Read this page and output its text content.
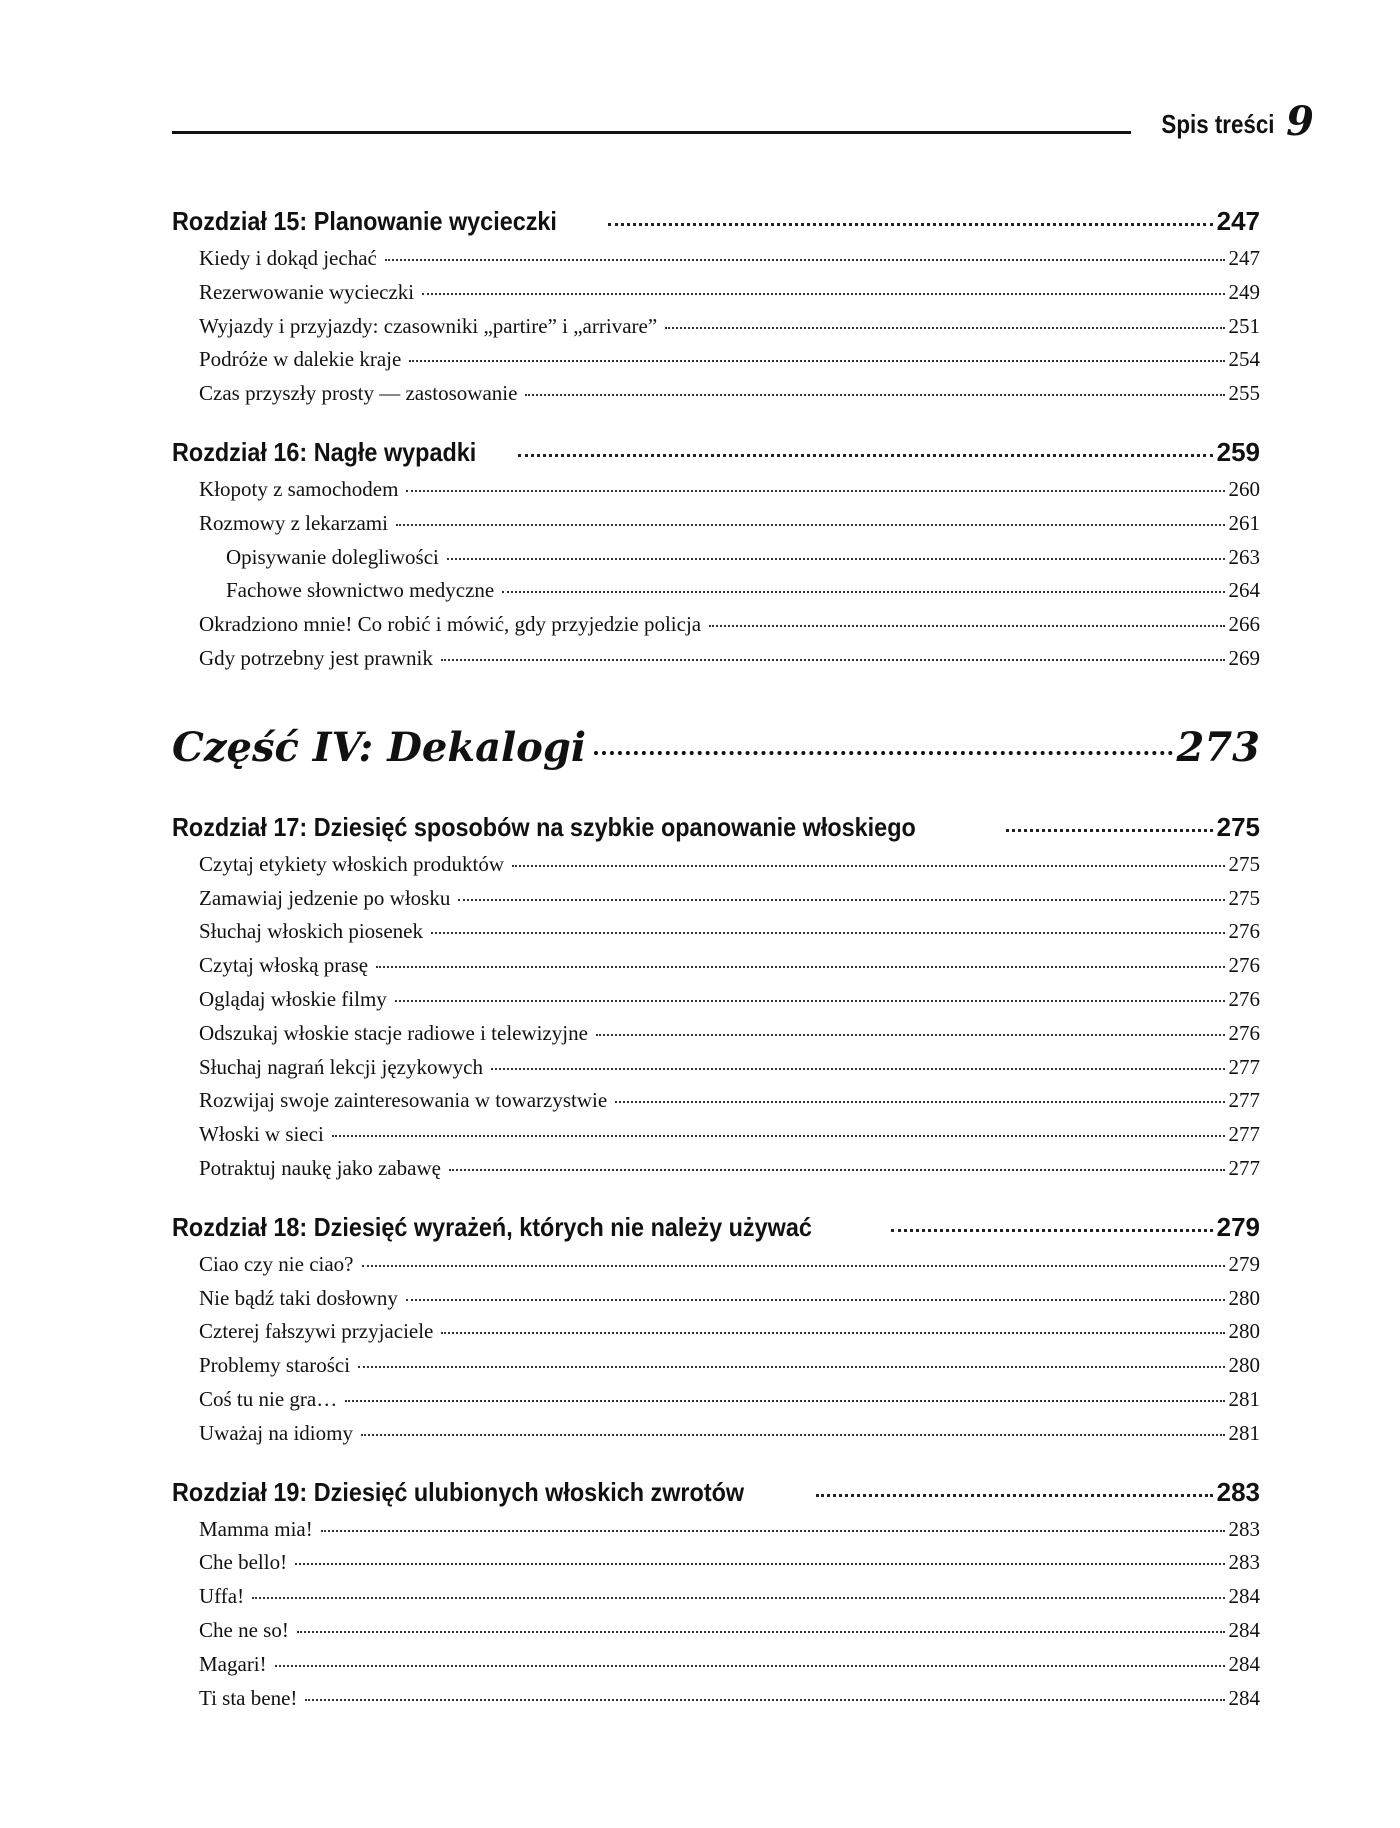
Spis treści 9
Rozdział 15: Planowanie wycieczki	247
Kiedy i dokąd jechać	247
Rezerwowanie wycieczki	249
Wyjazdy i przyjazdy: czasowniki „partire” i „arrivare”	251
Podróże w dalekie kraje	254
Czas przyszły prosty — zastosowanie	255
Rozdział 16: Nagłe wypadki	259
Kłopoty z samochodem	260
Rozmowy z lekarzami	261
Opisywanie dolegliwości	263
Fachowe słownictwo medyczne	264
Okradziono mnie! Co robić i mówić, gdy przyjedzie policja	266
Gdy potrzebny jest prawnik	269
Część IV: Dekalogi	273
Rozdział 17: Dziesięć sposobów na szybkie opanowanie włoskiego	275
Czytaj etykiety włoskich produktów	275
Zamawiaj jedzenie po włosku	275
Słuchaj włoskich piosenek	276
Czytaj włoską prasę	276
Oglądaj włoskie filmy	276
Odszukaj włoskie stacje radiowe i telewizyjne	276
Słuchaj nagrań lekcji językowych	277
Rozwijaj swoje zainteresowania w towarzystwie	277
Włoski w sieci	277
Potraktuj naukę jako zabawę	277
Rozdział 18: Dziesięć wyrażeń, których nie należy używać	279
Ciao czy nie ciao?	279
Nie bądź taki dosłowny	280
Czterej fałszywi przyjaciele	280
Problemy starości	280
Coś tu nie gra…	281
Uważaj na idiomy	281
Rozdział 19: Dziesięć ulubionych włoskich zwrotów	283
Mamma mia!	283
Che bello!	283
Uffa!	284
Che ne so!	284
Magari!	284
Ti sta bene!	284
